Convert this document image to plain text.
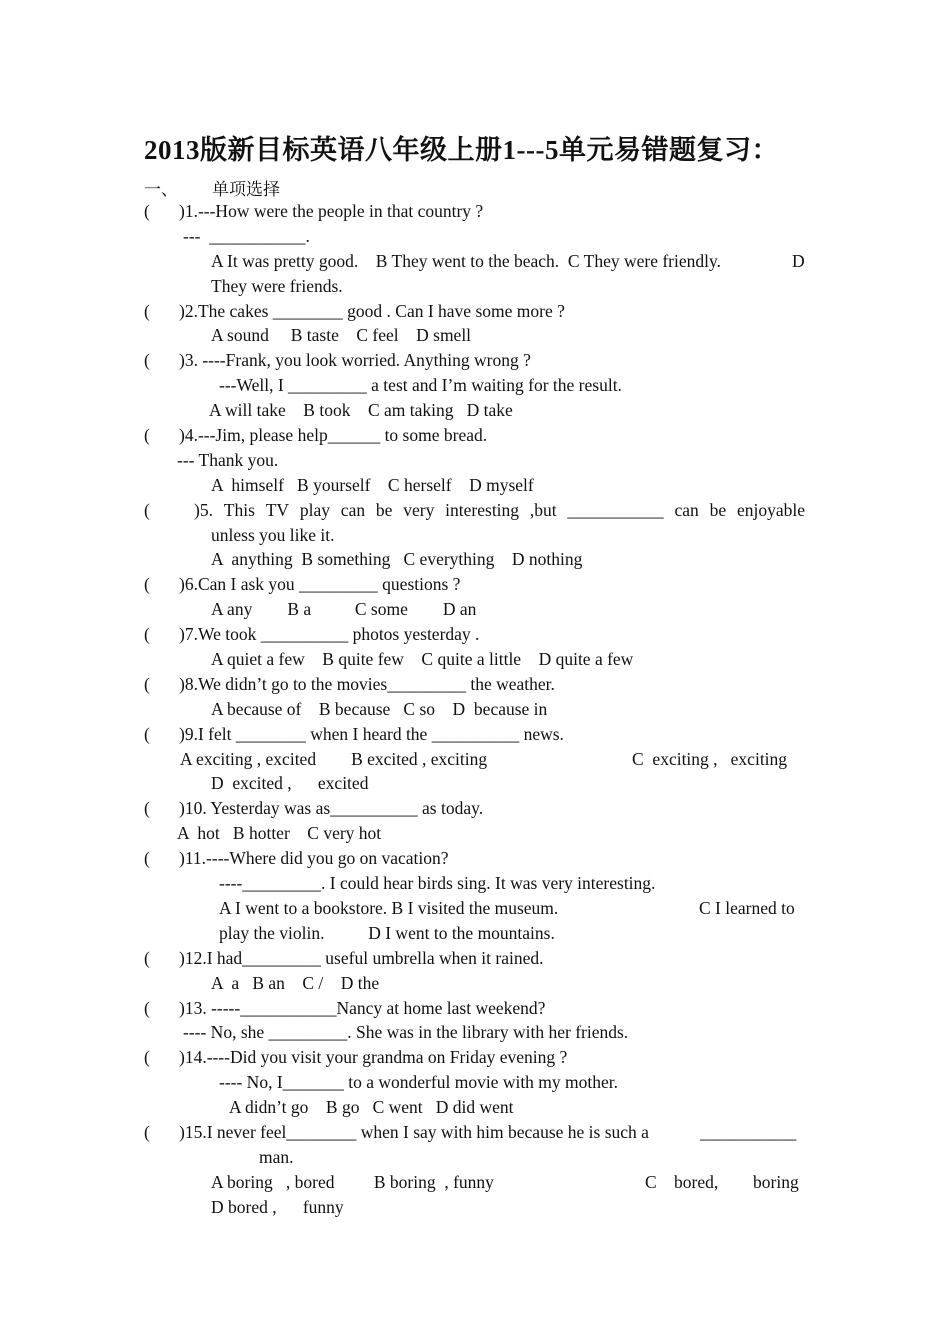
2013版新目标英语八年级上册1---5单元易错题复习：
一、 单项选择
( )1.---How were the people in that country ?
---  ___________.
A It was pretty good.    B They went to the beach.  C They were friendly.	D
They were friends.
( )2.The cakes ________ good . Can I have some more ?
A sound     B taste    C feel    D smell
( )3. ----Frank, you look worried. Anything wrong ?
---Well, I _________ a test and I’m waiting for the result.
A will take    B took    C am taking   D take
( )4.---Jim, please help______ to some bread.
--- Thank you.
A  himself   B yourself    C herself    D myself
(	)5. This TV play can be very interesting ,but ___________ can be enjoyable
unless you like it.
A  anything  B something   C everything    D nothing
( )6.Can I ask you _________ questions ?
A any        B a          C some        D an
( )7.We took __________ photos yesterday .
A quiet a few    B quite few    C quite a little    D quite a few
( )8.We didn’t go to the movies_________ the weather.
A because of    B because   C so    D  because in
( )9.I felt ________ when I heard the __________ news.
A exciting , excited        B excited , exciting	C  exciting ,   exciting
D  excited ,      excited
( )10. Yesterday was as__________ as today.
A  hot   B hotter    C very hot
( )11.----Where did you go on vacation?
----_________. I could hear birds sing. It was very interesting.
A I went to a bookstore. B I visited the museum.	C I learned to
play the violin.          D I went to the mountains.
( )12.I had_________ useful umbrella when it rained.
A  a   B an    C /    D the
( )13. -----___________Nancy at home last weekend?
---- No, she _________. She was in the library with her friends.
( )14.----Did you visit your grandma on Friday evening ?
---- No, I_______ to a wonderful movie with my mother.
A didn’t go    B go   C went   D did went
( )15.I never feel________ when I say with him because he is such a	___________
man.
A boring   , bored         B boring  , funny	C bored, boring
D bored ,      funny
